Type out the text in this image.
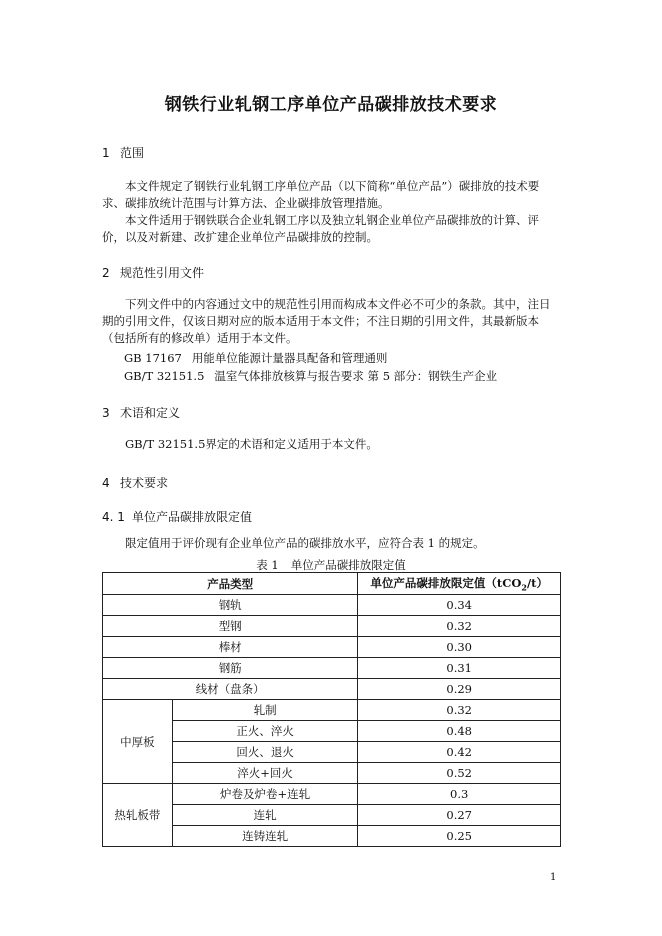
钢铁行业轧钢工序单位产品碳排放技术要求
1 范围
本文件规定了钢铁行业轧钢工序单位产品（以下简称“单位产品”）碳排放的技术要求、碳排放统计范围与计算方法、企业碳排放管理措施。
本文件适用于钢铁联合企业轧钢工序以及独立轧钢企业单位产品碳排放的计算、评价，以及对新建、改扩建企业单位产品碳排放的控制。
2 规范性引用文件
下列文件中的内容通过文中的规范性引用而构成本文件必不可少的条款。其中，注日期的引用文件，仅该日期对应的版本适用于本文件；不注日期的引用文件，其最新版本（包括所有的修改单）适用于本文件。
GB 17167 用能单位能源计量器具配备和管理通则
GB/T 32151.5 温室气体排放核算与报告要求 第 5 部分：钢铁生产企业
3 术语和定义
GB/T 32151.5界定的术语和定义适用于本文件。
4 技术要求
4. 1 单位产品碳排放限定值
限定值用于评价现有企业单位产品的碳排放水平，应符合表 1 的规定。
表 1 单位产品碳排放限定值
产品类型		单位产品碳排放限定值（tCO$_2$/t）
钢轨		0.34
型钢		0.32
棒材		0.30
钢筋		0.31
线材（盘条）		0.29
中厚板	轧制	0.32
	正火、淬火	0.48
	回火、退火	0.42
	淬火+回火	0.52
热轧板带	炉卷及炉卷+连轧	0.3
	连轧	0.27
	连铸连轧	0.25
1
